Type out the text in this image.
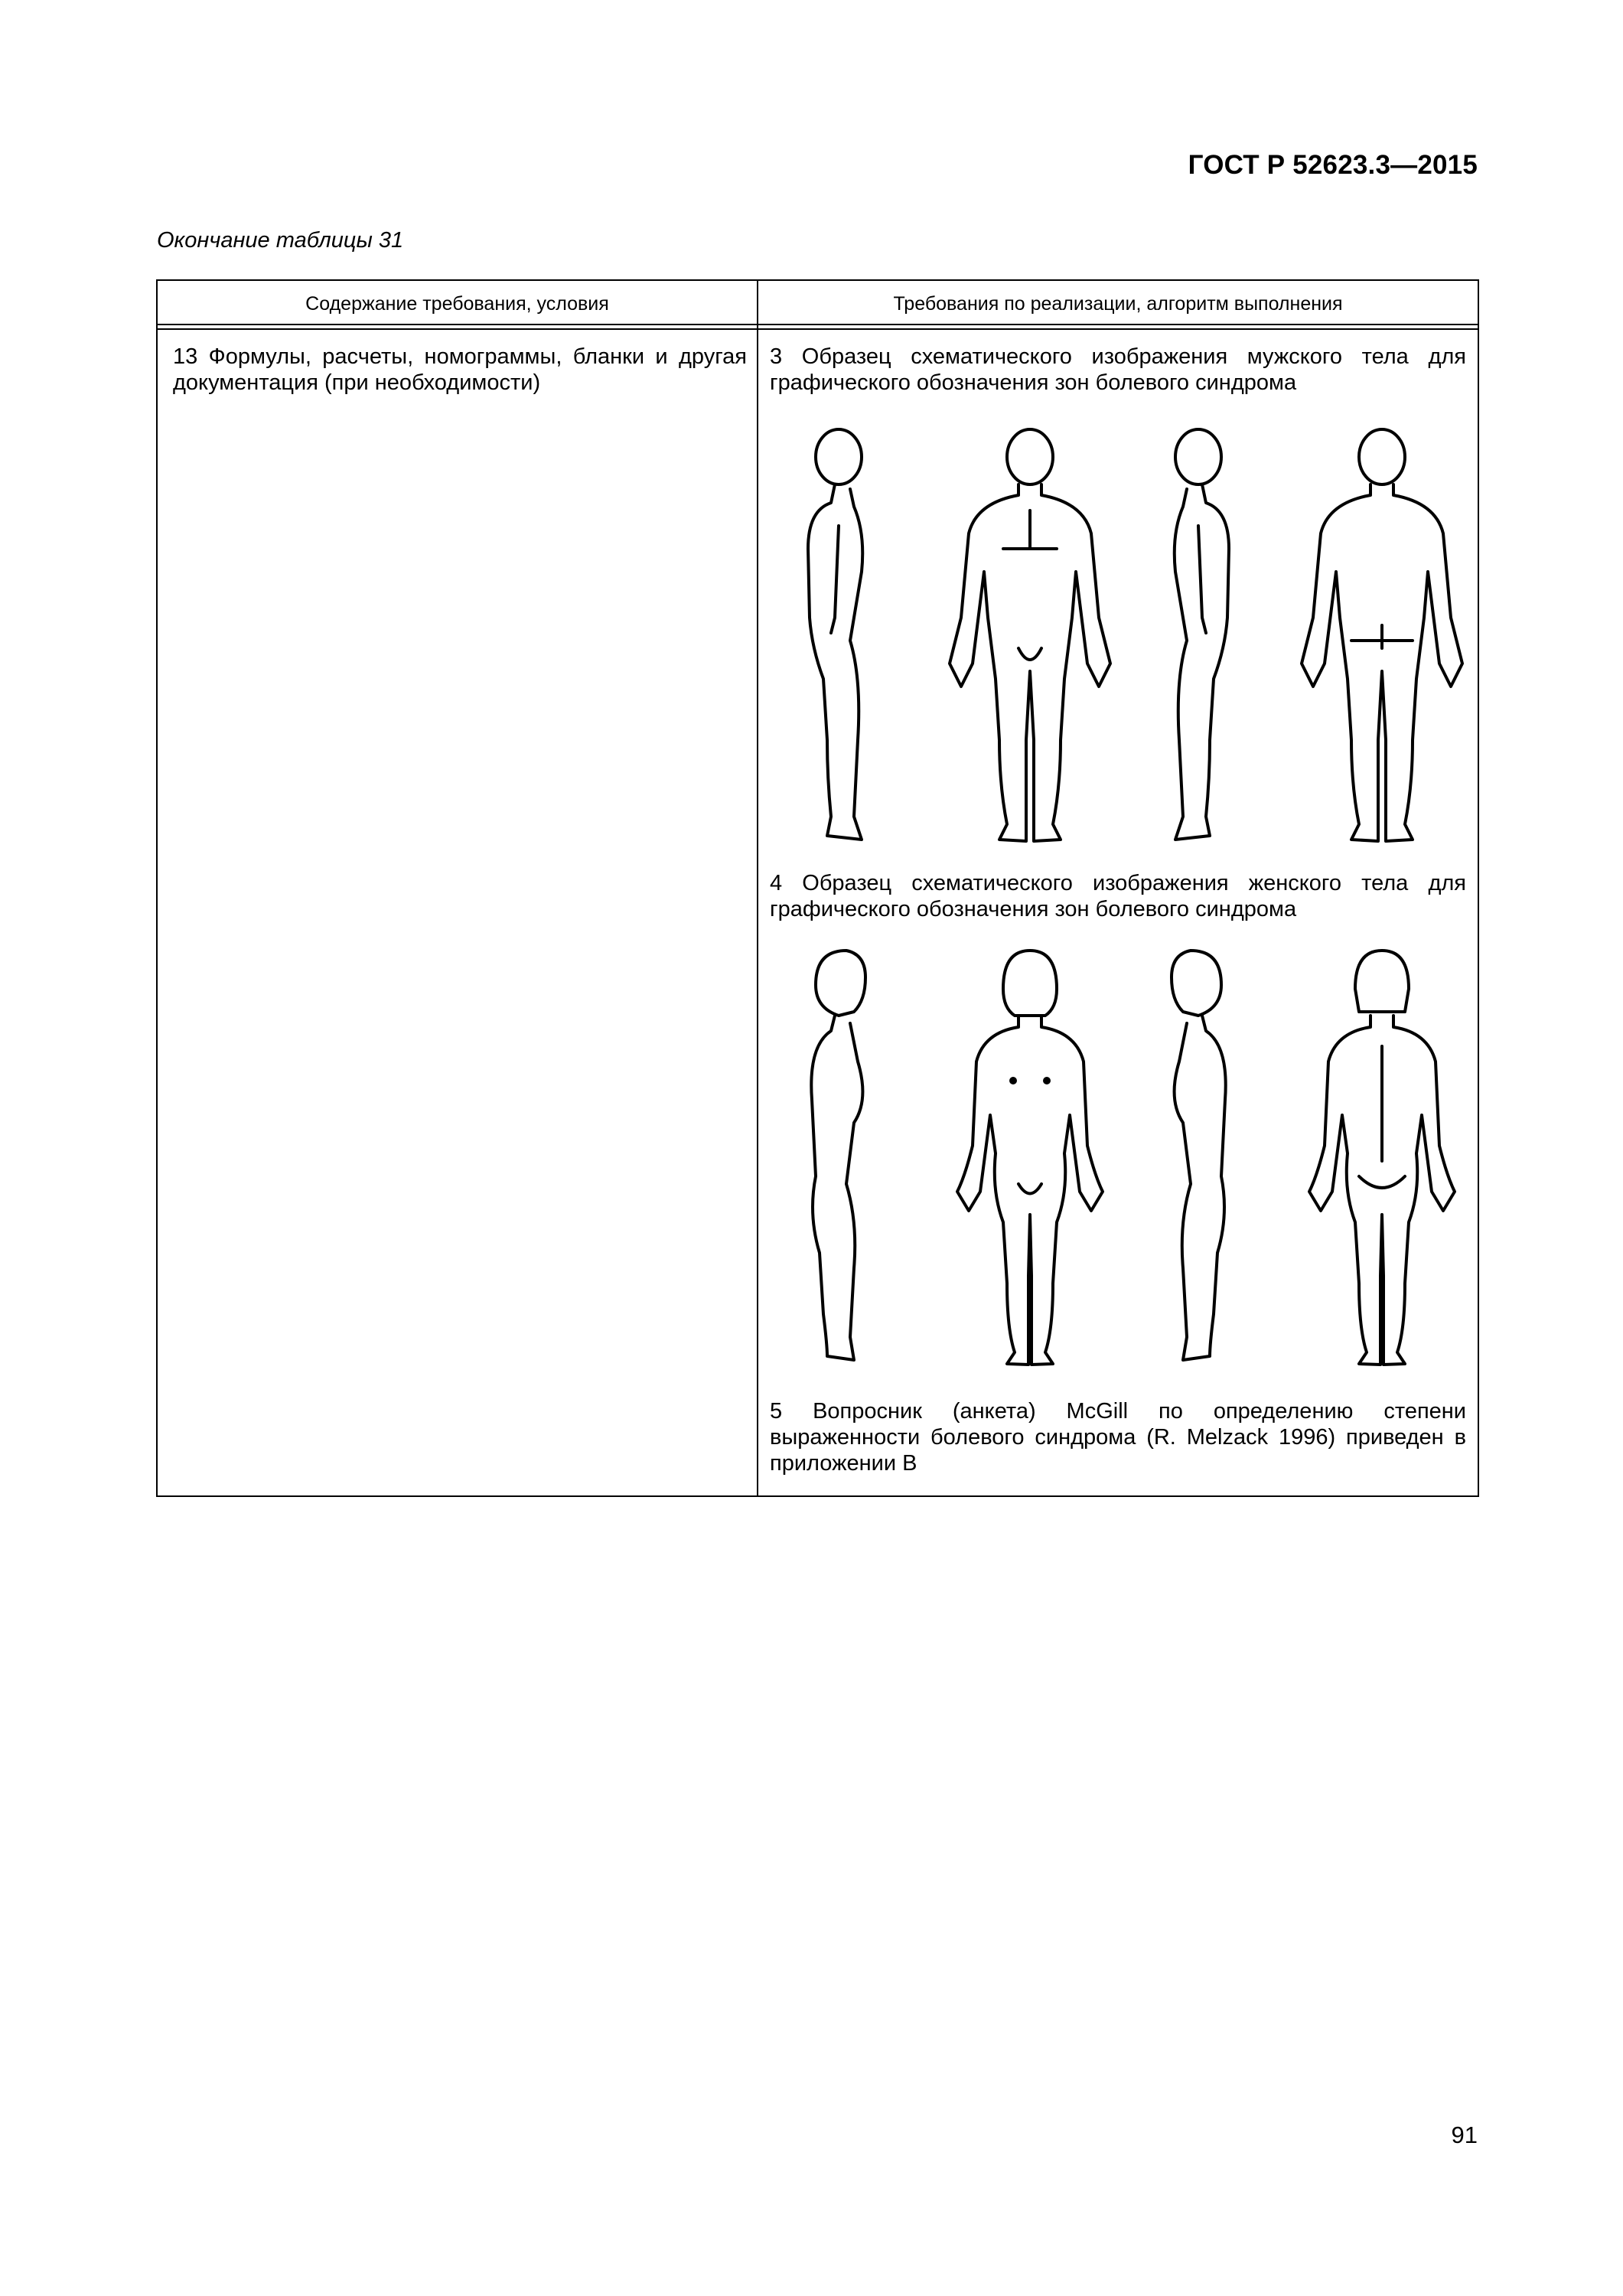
ГОСТ Р 52623.3—2015
Окончание таблицы 31
Содержание требования, условия	Требования по реализации, алгоритм выполнения
13 Формулы, расчеты, номограммы, бланки и другая документация (при необходимости)
3 Образец схематического изображения мужского тела для графического обозначения зон болевого синдрома
4 Образец схематического изображения женского тела для графического обозначения зон болевого синдрома
5 Вопросник (анкета) McGill по определению степени выраженности болевого синдрома (R. Melzack 1996) приведен в приложении В
91
